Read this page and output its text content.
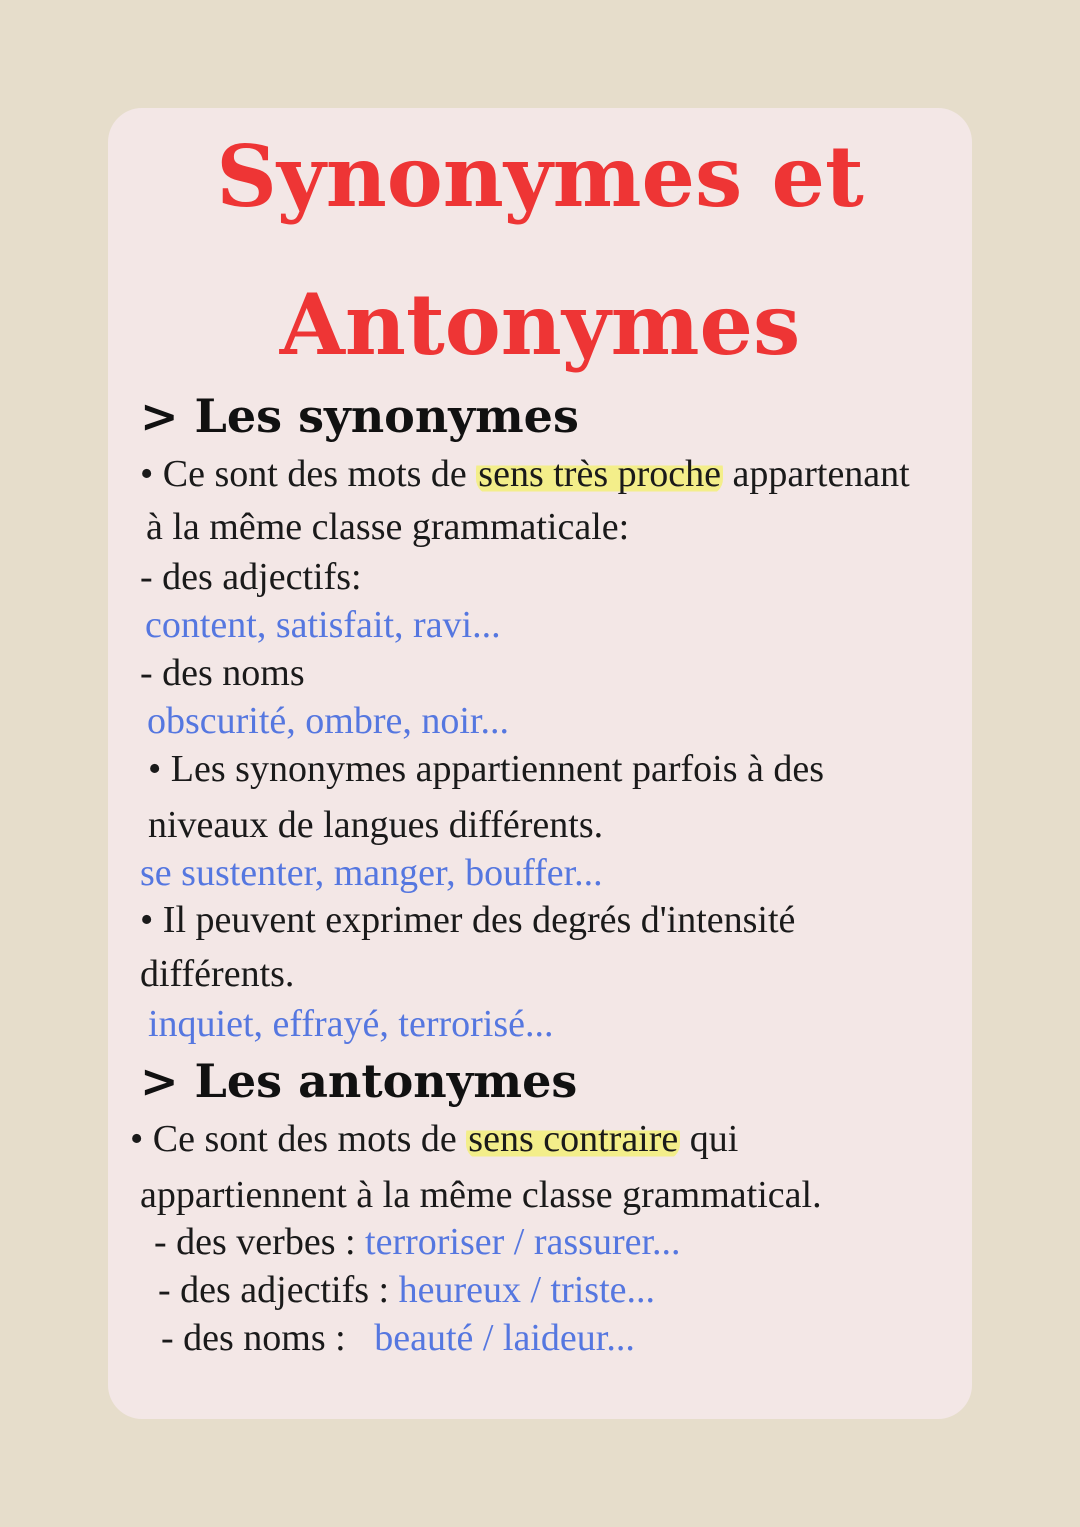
Synonymes et
Antonymes
> Les synonymes
• Ce sont des mots de sens très proche appartenant
à la même classe grammaticale:
- des adjectifs:
content, satisfait, ravi...
- des noms
obscurité, ombre, noir...
• Les synonymes appartiennent parfois à des
niveaux de langues différents.
se sustenter, manger, bouffer...
• Il peuvent exprimer des degrés d'intensité
différents.
inquiet, effrayé, terrorisé...
> Les antonymes
• Ce sont des mots de sens contraire qui
appartiennent à la même classe grammatical.
- des verbes : terroriser / rassurer...
- des adjectifs : heureux / triste...
- des noms :   beauté / laideur...
